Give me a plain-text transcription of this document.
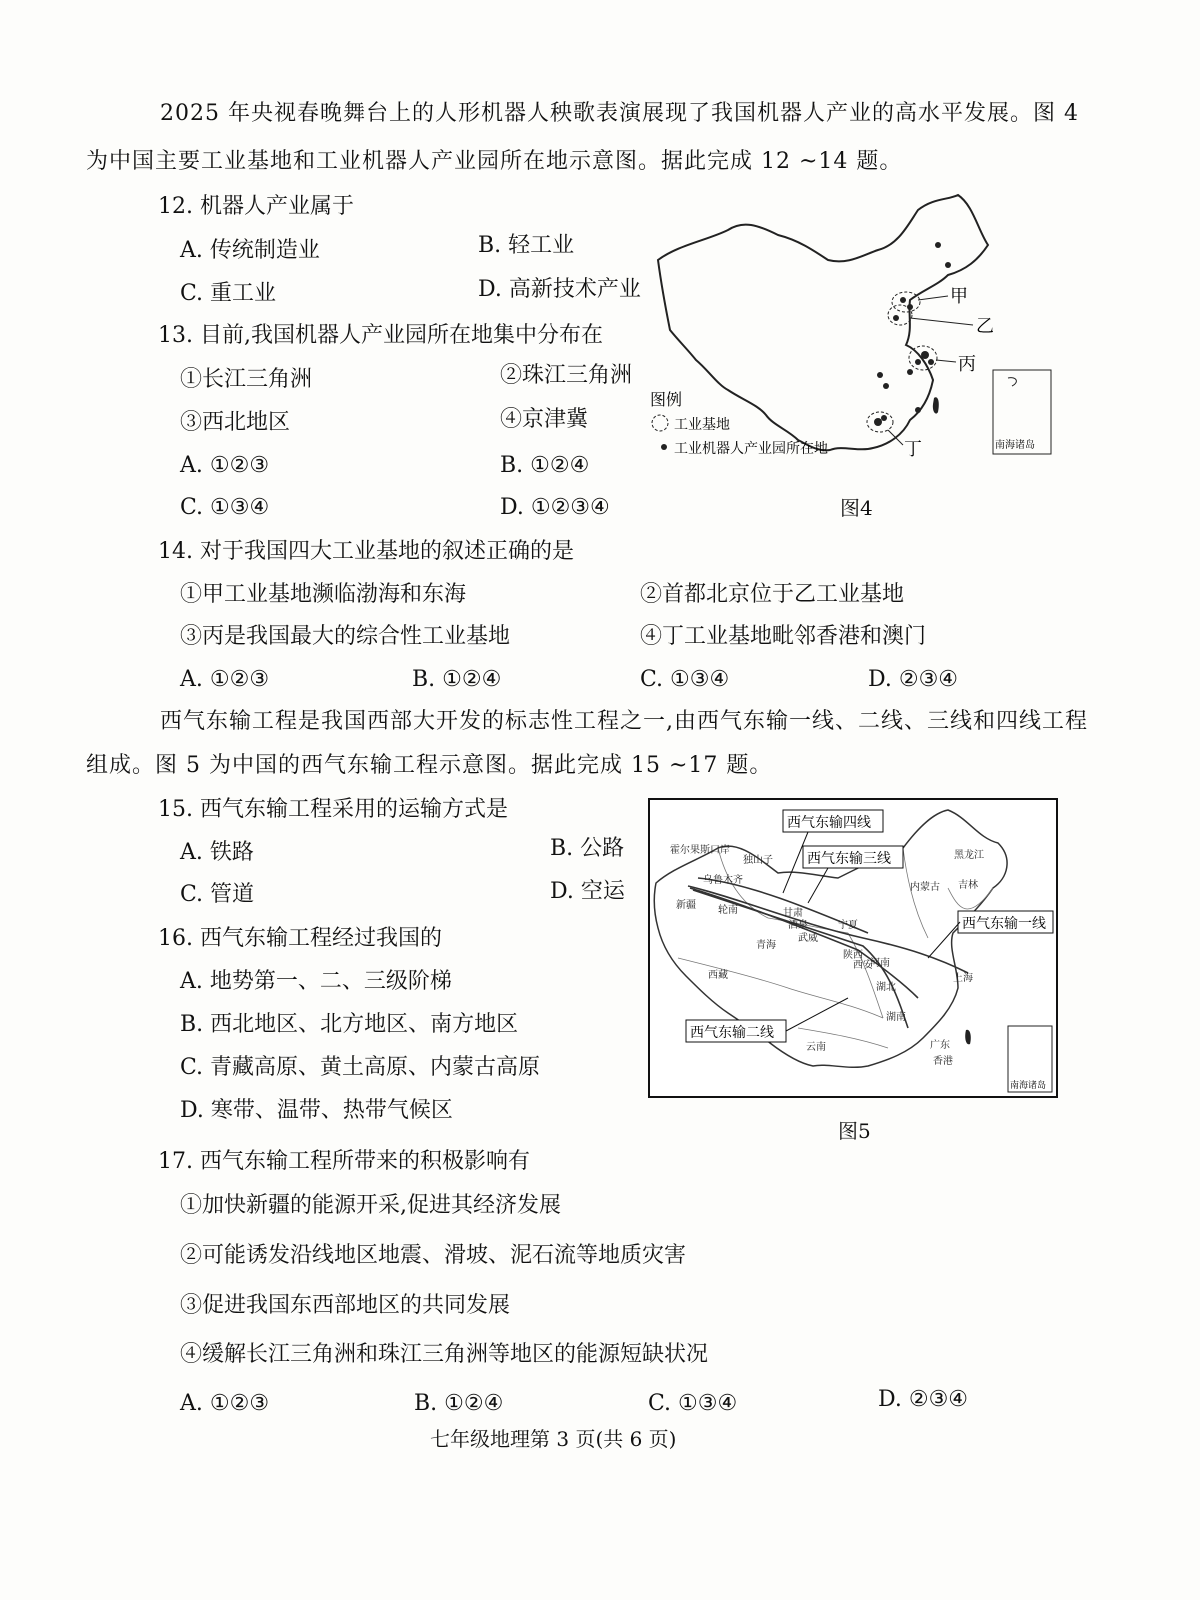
2025 年央视春晚舞台上的人形机器人秧歌表演展现了我国机器人产业的高水平发展。图 4
为中国主要工业基地和工业机器人产业园所在地示意图。据此完成 12 ~14 题。
12. 机器人产业属于
A. 传统制造业	B. 轻工业
C. 重工业	D. 高新技术产业
13. 目前,我国机器人产业园所在地集中分布在
①长江三角洲	②珠江三角洲
③西北地区	④京津冀
A. ①②③	B. ①②④
C. ①③④	D. ①②③④
甲
乙
丙
丁
图例
工业基地
工业机器人产业园所在地	南海诸岛
图4
14. 对于我国四大工业基地的叙述正确的是
①甲工业基地濒临渤海和东海	②首都北京位于乙工业基地
③丙是我国最大的综合性工业基地	④丁工业基地毗邻香港和澳门
A. ①②③	B. ①②④	C. ①③④	D. ②③④
西气东输工程是我国西部大开发的标志性工程之一,由西气东输一线、二线、三线和四线工程
组成。图 5 为中国的西气东输工程示意图。据此完成 15 ~17 题。
15. 西气东输工程采用的运输方式是
A. 铁路	B. 公路
C. 管道	D. 空运
16. 西气东输工程经过我国的
A. 地势第一、二、三级阶梯
B. 西北地区、北方地区、南方地区
C. 青藏高原、黄土高原、内蒙古高原
D. 寒带、温带、热带气候区
西气东输四线
西气东输三线
西气东输一线
西气东输二线
霍尔果斯口岸
独山子
乌鲁木齐
新疆 轮南	甘肃
酒泉
青海
武威
西藏
宁夏
陕西
西安
河南
湖北
湖南
云南	广东
香港
内蒙古
黑龙江
吉林
上海
南海诸岛
图5
17. 西气东输工程所带来的积极影响有
①加快新疆的能源开采,促进其经济发展
②可能诱发沿线地区地震、滑坡、泥石流等地质灾害
③促进我国东西部地区的共同发展
④缓解长江三角洲和珠江三角洲等地区的能源短缺状况
A. ①②③	B. ①②④	C. ①③④	D. ②③④
七年级地理第 3 页(共 6 页)
